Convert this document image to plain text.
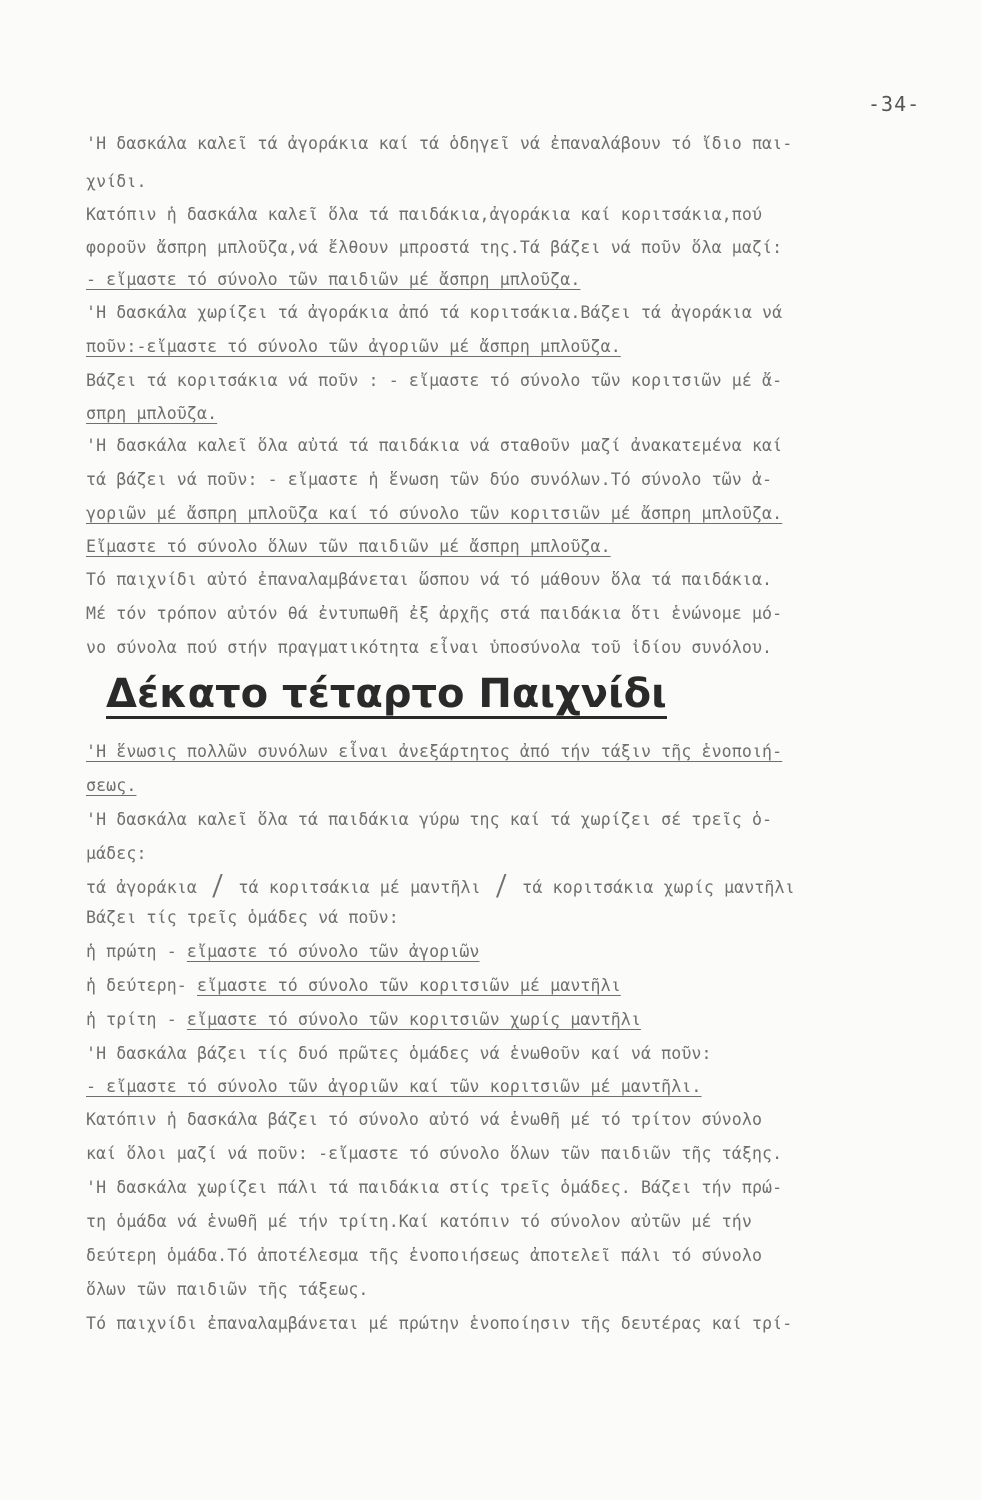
-34-
'Η δασκάλα καλεῖ τά ἀγοράκια καί τά ὁδηγεῖ νά ἐπαναλάβουν τό ἴδιο παι-
χνίδι.
Κατόπιν ἡ δασκάλα καλεῖ ὅλα τά παιδάκια,ἀγοράκια καί κοριτσάκια,πού
φοροῦν ἄσπρη μπλοῦζα,νά ἔλθουν μπροστά της.Τά βάζει νά ποῦν ὅλα μαζί:
- εἴμαστε τό σύνολο τῶν παιδιῶν μέ ἄσπρη μπλοῦζα.
'Η δασκάλα χωρίζει τά ἀγοράκια ἀπό τά κοριτσάκια.Βάζει τά ἀγοράκια νά
ποῦν:-εἴμαστε τό σύνολο τῶν ἀγοριῶν μέ ἄσπρη μπλοῦζα.
Βάζει τά κοριτσάκια νά ποῦν : - εἴμαστε τό σύνολο τῶν κοριτσιῶν μέ ἄ-
σπρη μπλοῦζα.
'Η δασκάλα καλεῖ ὅλα αὐτά τά παιδάκια νά σταθοῦν μαζί ἀνακατεμένα καί
τά βάζει νά ποῦν: - εἴμαστε ἡ ἕνωση τῶν δύο συνόλων.Τό σύνολο τῶν ἀ-
γοριῶν μέ ἄσπρη μπλοῦζα καί τό σύνολο τῶν κοριτσιῶν μέ ἄσπρη μπλοῦζα.
Εἴμαστε τό σύνολο ὅλων τῶν παιδιῶν μέ ἄσπρη μπλοῦζα.
Τό παιχνίδι αὐτό ἐπαναλαμβάνεται ὥσπου νά τό μάθουν ὅλα τά παιδάκια.
Μέ τόν τρόπον αὐτόν θά ἐντυπωθῆ ἐξ ἀρχῆς στά παιδάκια ὅτι ἑνώνομε μό-
νο σύνολα πού στήν πραγματικότητα εἶναι ὑποσύνολα τοῦ ἰδίου συνόλου.
Δέκατο τέταρτο Παιχνίδι
'Η ἕνωσις πολλῶν συνόλων εἶναι ἀνεξάρτητος ἀπό τήν τάξιν τῆς ἑνοποιή-
σεως.
'Η δασκάλα καλεῖ ὅλα τά παιδάκια γύρω της καί τά χωρίζει σέ τρεῖς ὁ-
μάδες:
τά ἀγοράκια / τά κοριτσάκια μέ μαντῆλι / τά κοριτσάκια χωρίς μαντῆλι
Βάζει τίς τρεῖς ὁμάδες νά ποῦν:
ἡ πρώτη - εἴμαστε τό σύνολο τῶν ἀγοριῶν
ἡ δεύτερη- εἴμαστε τό σύνολο τῶν κοριτσιῶν μέ μαντῆλι
ἡ τρίτη - εἴμαστε τό σύνολο τῶν κοριτσιῶν χωρίς μαντῆλι
'Η δασκάλα βάζει τίς δυό πρῶτες ὁμάδες νά ἑνωθοῦν καί νά ποῦν:
- εἴμαστε τό σύνολο τῶν ἀγοριῶν καί τῶν κοριτσιῶν μέ μαντῆλι.
Κατόπιν ἡ δασκάλα βάζει τό σύνολο αὐτό νά ἑνωθῆ μέ τό τρίτον σύνολο
καί ὅλοι μαζί νά ποῦν: -εἴμαστε τό σύνολο ὅλων τῶν παιδιῶν τῆς τάξης.
'Η δασκάλα χωρίζει πάλι τά παιδάκια στίς τρεῖς ὁμάδες. Βάζει τήν πρώ-
τη ὁμάδα νά ἑνωθῆ μέ τήν τρίτη.Καί κατόπιν τό σύνολον αὐτῶν μέ τήν
δεύτερη ὁμάδα.Τό ἀποτέλεσμα τῆς ἑνοποιήσεως ἀποτελεῖ πάλι τό σύνολο
ὅλων τῶν παιδιῶν τῆς τάξεως.
Τό παιχνίδι ἐπαναλαμβάνεται μέ πρώτην ἑνοποίησιν τῆς δευτέρας καί τρί-
